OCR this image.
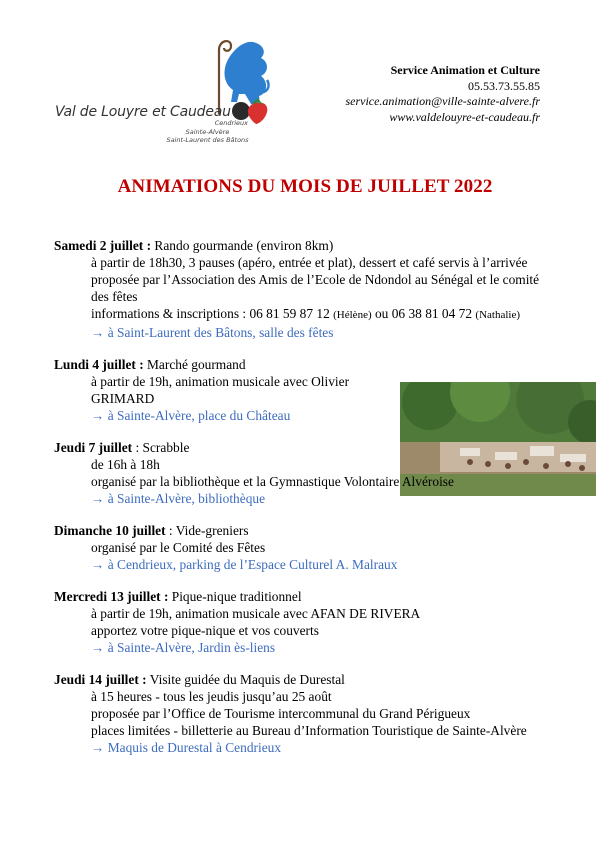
Val de Louyre et Caudeau
Cendrieux
Sainte-Alvère
Saint-Laurent des Bâtons
Service Animation et Culture
05.53.73.55.85
service.animation@ville-sainte-alvere.fr
www.valdelouyre-et-caudeau.fr
ANIMATIONS DU MOIS DE JUILLET 2022
Samedi 2 juillet : Rando gourmande (environ 8km)
à partir de 18h30, 3 pauses (apéro, entrée et plat), dessert et café servis à l’arrivée
proposée par l’Association des Amis de l’Ecole de Ndondol au Sénégal et le comité des fêtes
informations & inscriptions : 06 81 59 87 12 (Hélène) ou 06 38 81 04 72 (Nathalie)
→ à Saint-Laurent des Bâtons, salle des fêtes
Lundi 4 juillet : Marché gourmand
à partir de 19h, animation musicale avec Olivier GRIMARD
→ à Sainte-Alvère, place du Château
Jeudi 7 juillet : Scrabble
de 16h à 18h
organisé par la bibliothèque et la Gymnastique Volontaire Alvéroise
→ à Sainte-Alvère, bibliothèque
Dimanche 10 juillet : Vide-greniers
organisé par le Comité des Fêtes
→ à Cendrieux, parking de l’Espace Culturel A. Malraux
Mercredi 13 juillet : Pique-nique traditionnel
à partir de 19h, animation musicale avec AFAN DE RIVERA
apportez votre pique-nique et vos couverts
→ à Sainte-Alvère, Jardin ès-liens
Jeudi 14 juillet : Visite guidée du Maquis de Durestal
à 15 heures - tous les jeudis jusqu’au 25 août
proposée par l’Office de Tourisme intercommunal du Grand Périgueux
places limitées - billetterie au Bureau d’Information Touristique de Sainte-Alvère
→ Maquis de Durestal à Cendrieux
